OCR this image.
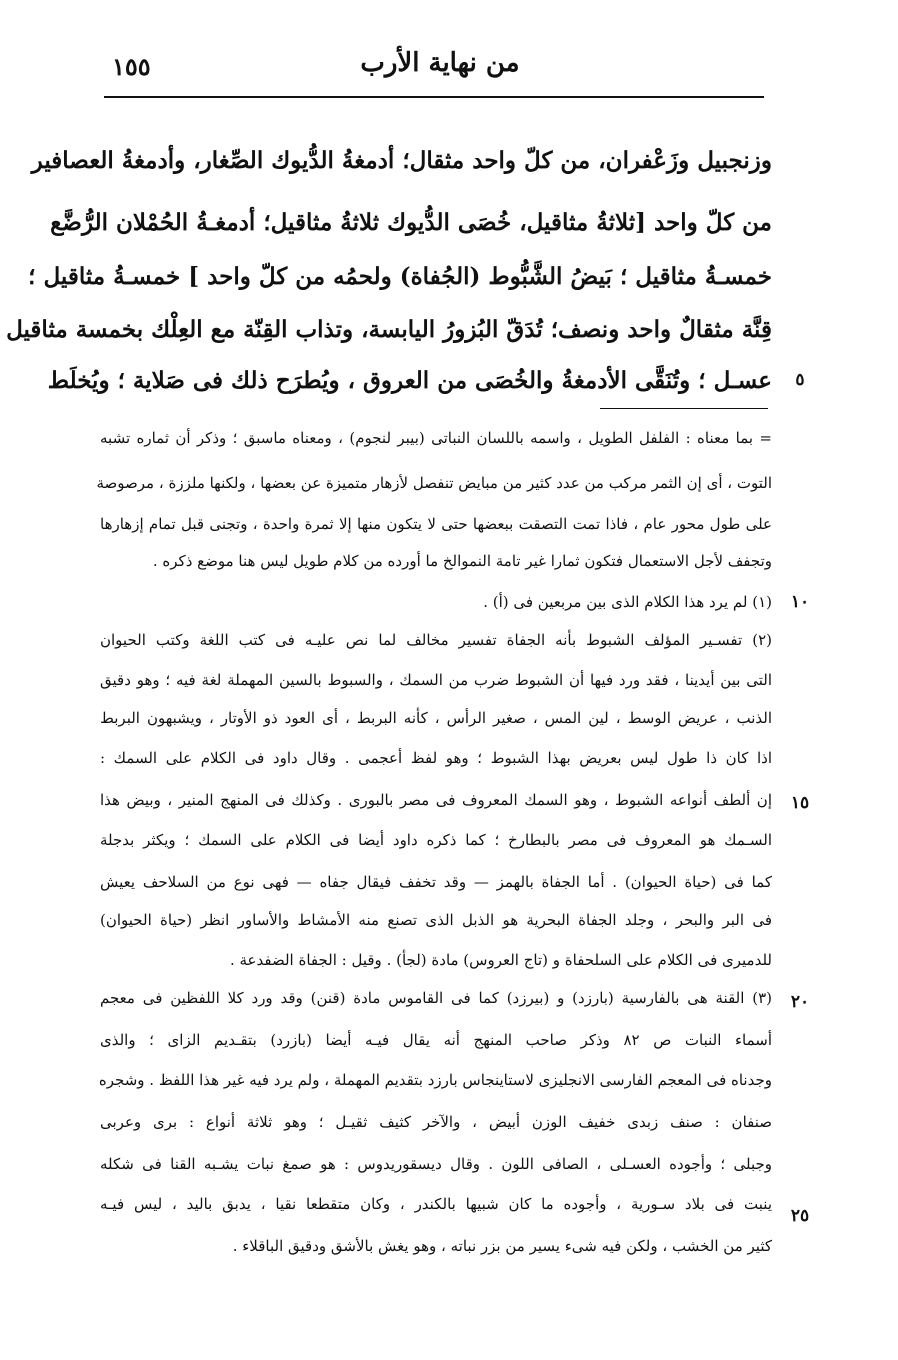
من نهاية الأرب
١٥٥
وزنجبيل وزَعْفران، من كلّ واحد مثقال؛ أدمغةُ الدُّيوك الصِّغار، وأدمغةُ العصافير
من كلّ واحد [ثلاثةُ مثاقيل، خُصَى الدُّيوك ثلاثةُ مثاقيل؛ أدمغـةُ الحُمْلان الرُّضَّع
خمسـةُ مثاقيل ؛ بَيضُ الشَّبُّوط (الجُفاة) ولحمُه من كلّ واحد ] خمسـةُ مثاقيل ؛
قِنَّة مثقالٌ واحد ونصف؛ تُدَقّ البُزورُ اليابسة، وتذاب القِنّة مع العِلْك بخمسة مثاقيل
عسـل ؛ وتُنَقَّى الأدمغةُ والخُصَى من العروق ، ويُطرَح ذلك فى صَلاية ؛ ويُخلَط
= بما معناه : الفلفل الطويل ، واسمه باللسان النباتى (بيبر لنجوم) ، ومعناه ماسبق ؛ وذكر أن ثماره تشبه
التوت ، أى إن الثمر مركب من عدد كثير من مبايض تنفصل لأزهار متميزة عن بعضها ، ولكنها ملززة ، مرصوصة
على طول محور عام ، فاذا تمت التصقت ببعضها حتى لا يتكون منها إلا ثمرة واحدة ، وتجنى قبل تمام إزهارها
وتجفف لأجل الاستعمال فتكون ثمارا غير تامة النموالخ ما أورده من كلام طويل ليس هنا موضع ذكره .
(١) لم يرد هذا الكلام الذى بين مربعين فى (أ) .
(٢) تفسـير المؤلف الشبوط بأنه الجفاة تفسير مخالف لما نص عليـه فى كتب اللغة وكتب الحيوان
التى بين أيدينا ، فقد ورد فيها أن الشبوط ضرب من السمك ، والسبوط بالسين المهملة لغة فيه ؛ وهو دقيق
الذنب ، عريض الوسط ، لين المس ، صغير الرأس ، كأنه البربط ، أى العود ذو الأوتار ، ويشبهون البربط
اذا كان ذا طول ليس بعريض بهذا الشبوط ؛ وهو لفظ أعجمى . وقال داود فى الكلام على السمك :
إن ألطف أنواعه الشبوط ، وهو السمك المعروف فى مصر بالبورى . وكذلك فى المنهج المنير ، وبيض هذا
السـمك هو المعروف فى مصر بالبطارخ ؛ كما ذكره داود أيضا فى الكلام على السمك ؛ ويكثر بدجلة
كما فى (حياة الحيوان) . أما الجفاة بالهمز — وقد تخفف فيقال جفاه — فهى نوع من السلاحف يعيش
فى البر والبحر ، وجلد الجفاة البحرية هو الذبل الذى تصنع منه الأمشاط والأساور انظر (حياة الحيوان)
للدميرى فى الكلام على السلحفاة و (تاج العروس) مادة (لجأ) . وقيل : الجفاة الضفدعة .
(٣) القنة هى بالفارسية (بارزد) و (بيرزد) كما فى القاموس مادة (قنن) وقد ورد كلا اللفظين فى معجم
أسماء النبات ص ٨٢ وذكر صاحب المنهج أنه يقال فيـه أيضا (بازرد) بتقـديم الزاى ؛ والذى
وجدناه فى المعجم الفارسى الانجليزى لاستاينجاس بارزد بتقديم المهملة ، ولم يرد فيه غير هذا اللفظ . وشجره
صنفان : صنف زبدى خفيف الوزن أبيض ، والآخر كثيف ثقيـل ؛ وهو ثلاثة أنواع : برى وعربى
وجبلى ؛ وأجوده العسـلى ، الصافى اللون . وقال ديسقوريدوس : هو صمغ نبات يشـبه القنا فى شكله
ينبت فى بلاد سـورية ، وأجوده ما كان شبيها بالكندر ، وكان متقطعا نقيا ، يدبق باليد ، ليس فيـه
كثير من الخشب ، ولكن فيه شىء يسير من بزر نباته ، وهو يغش بالأشق ودقيق الباقلاء .
٥
١٠
١٥
٢٠
٢٥
